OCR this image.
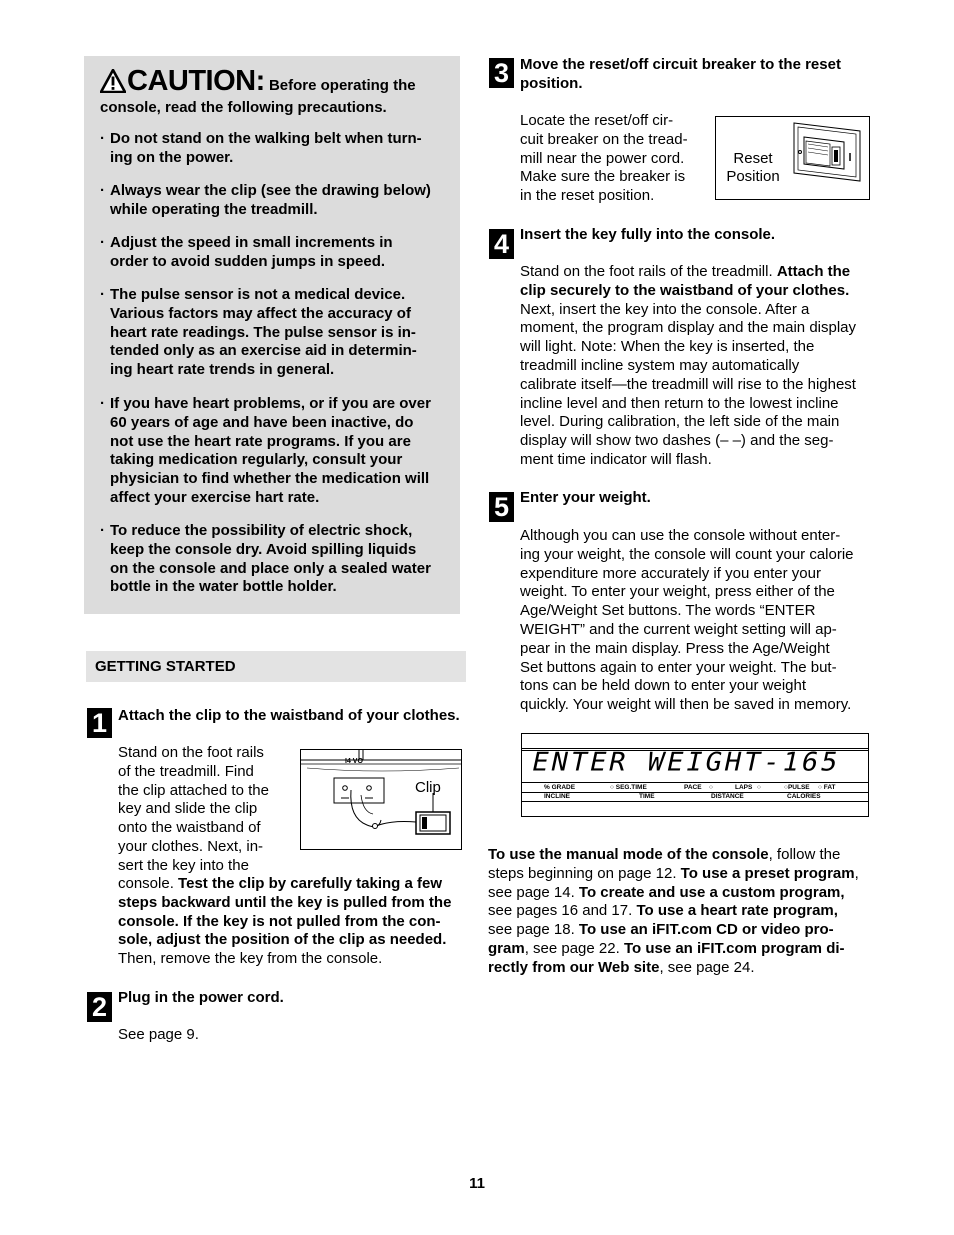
CAUTION: Before operating the
console, read the following precautions.
· Do not stand on the walking belt when turn-
ing on the power.
· Always wear the clip (see the drawing below)
while operating the treadmill.
· Adjust the speed in small increments in
order to avoid sudden jumps in speed.
· The pulse sensor is not a medical device.
Various factors may affect the accuracy of
heart rate readings. The pulse sensor is in-
tended only as an exercise aid in determin-
ing heart rate trends in general.
· If you have heart problems, or if you are over
60 years of age and have been inactive, do
not use the heart rate programs. If you are
taking medication regularly, consult your
physician to find whether the medication will
affect your exercise hart rate.
· To reduce the possibility of electric shock,
keep the console dry. Avoid spilling liquids
on the console and place only a sealed water
bottle in the water bottle holder.
GETTING STARTED
1 Attach the clip to the waistband of your clothes.
Stand on the foot rails
of the treadmill. Find
the clip attached to the
key and slide the clip
onto the waistband of
your clothes. Next, in-
sert the key into the
console. Test the clip by carefully taking a few
steps backward until the key is pulled from the
console. If the key is not pulled from the con-
sole, adjust the position of the clip as needed.
Then, remove the key from the console.
I4 VO
Clip
2 Plug in the power cord.
See page 9.
3 Move the reset/off circuit breaker to the reset
position.
Locate the reset/off cir-
cuit breaker on the tread-
mill near the power cord.
Make sure the breaker is
in the reset position.
Reset
Position
4 Insert the key fully into the console.
Stand on the foot rails of the treadmill. Attach the
clip securely to the waistband of your clothes.
Next, insert the key into the console. After a
moment, the program display and the main display
will light. Note: When the key is inserted, the
treadmill incline system may automatically
calibrate itself—the treadmill will rise to the highest
incline level and then return to the lowest incline
level. During calibration, the left side of the main
display will show two dashes (– –) and the seg-
ment time indicator will flash.
5 Enter your weight.
Although you can use the console without enter-
ing your weight, the console will count your calorie
expenditure more accurately if you enter your
weight. To enter your weight, press either of the
Age/Weight Set buttons. The words “ENTER
WEIGHT” and the current weight setting will ap-
pear in the main display. Press the Age/Weight
Set buttons again to enter your weight. The but-
tons can be held down to enter your weight
quickly. Your weight will then be saved in memory.
ENTER WEIGHT-165
% GRADE	○ SEG.TIME	PACE ○	LAPS ○	○PULSE ○ FAT
INCLINE	TIME	DISTANCE	CALORIES
To use the manual mode of the console, follow the
steps beginning on page 12. To use a preset program,
see page 14. To create and use a custom program,
see pages 16 and 17. To use a heart rate program,
see page 18. To use an iFIT.com CD or video pro-
gram, see page 22. To use an iFIT.com program di-
rectly from our Web site, see page 24.
11
